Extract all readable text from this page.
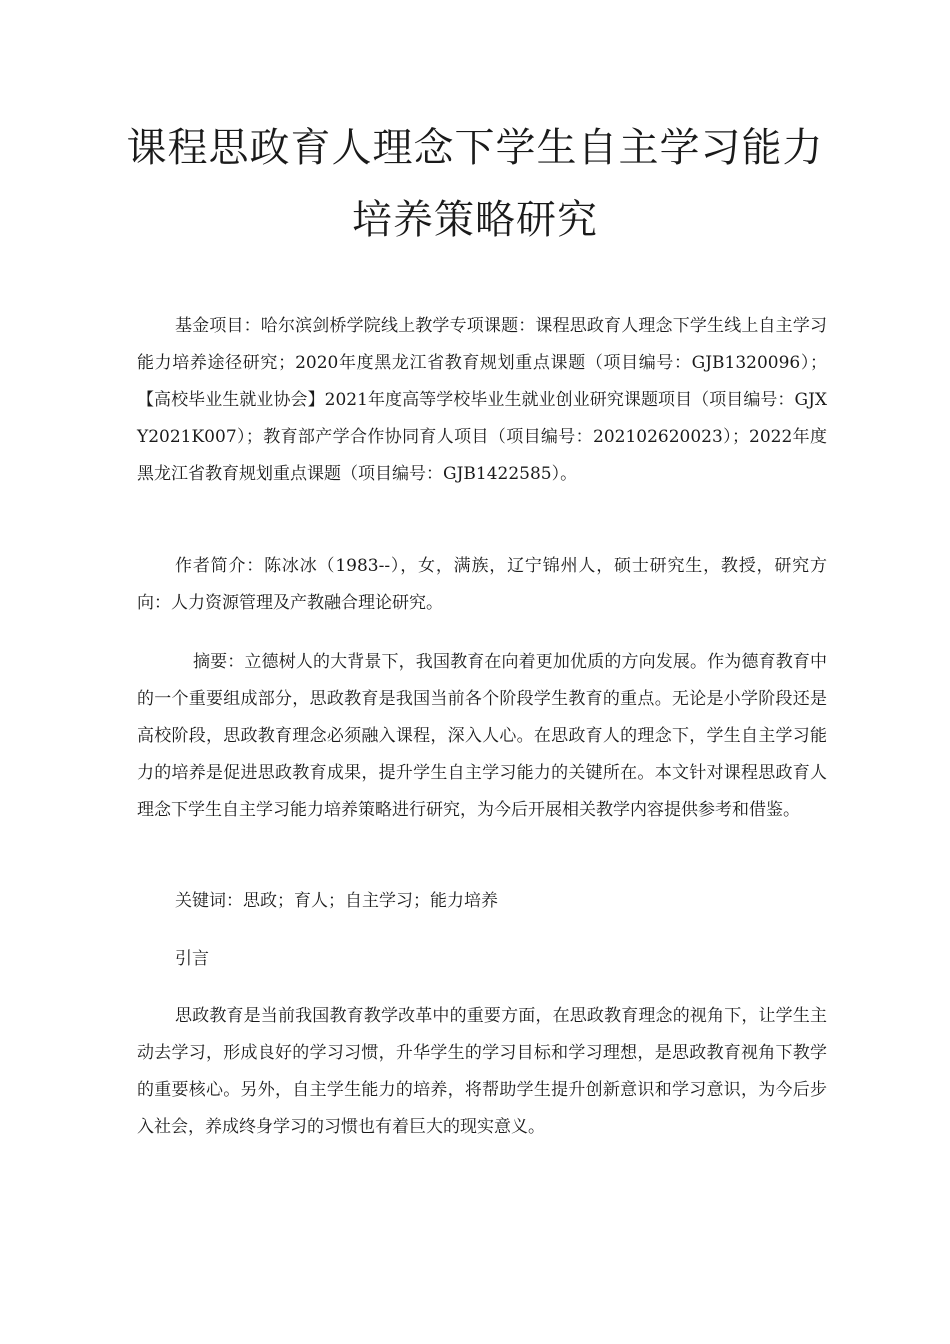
课程思政育人理念下学生自主学习能力
培养策略研究

基金项目：哈尔滨剑桥学院线上教学专项课题：课程思政育人理念下学生线上自主学习能力培养途径研究；2020年度黑龙江省教育规划重点课题（项目编号：GJB1320096）；【高校毕业生就业协会】2021年度高等学校毕业生就业创业研究课题项目（项目编号：GJXY2021K007）；教育部产学合作协同育人项目（项目编号：202102620023）；2022年度黑龙江省教育规划重点课题（项目编号：GJB1422585）。

作者简介：陈冰冰（1983--），女，满族，辽宁锦州人，硕士研究生，教授，研究方向：人力资源管理及产教融合理论研究。

摘要：立德树人的大背景下，我国教育在向着更加优质的方向发展。作为德育教育中的一个重要组成部分，思政教育是我国当前各个阶段学生教育的重点。无论是小学阶段还是高校阶段，思政教育理念必须融入课程，深入人心。在思政育人的理念下，学生自主学习能力的培养是促进思政教育成果，提升学生自主学习能力的关键所在。本文针对课程思政育人理念下学生自主学习能力培养策略进行研究，为今后开展相关教学内容提供参考和借鉴。

关键词：思政；育人；自主学习；能力培养

引言

思政教育是当前我国教育教学改革中的重要方面，在思政教育理念的视角下，让学生主动去学习，形成良好的学习习惯，升华学生的学习目标和学习理想，是思政教育视角下教学的重要核心。另外，自主学生能力的培养，将帮助学生提升创新意识和学习意识，为今后步入社会，养成终身学习的习惯也有着巨大的现实意义。
